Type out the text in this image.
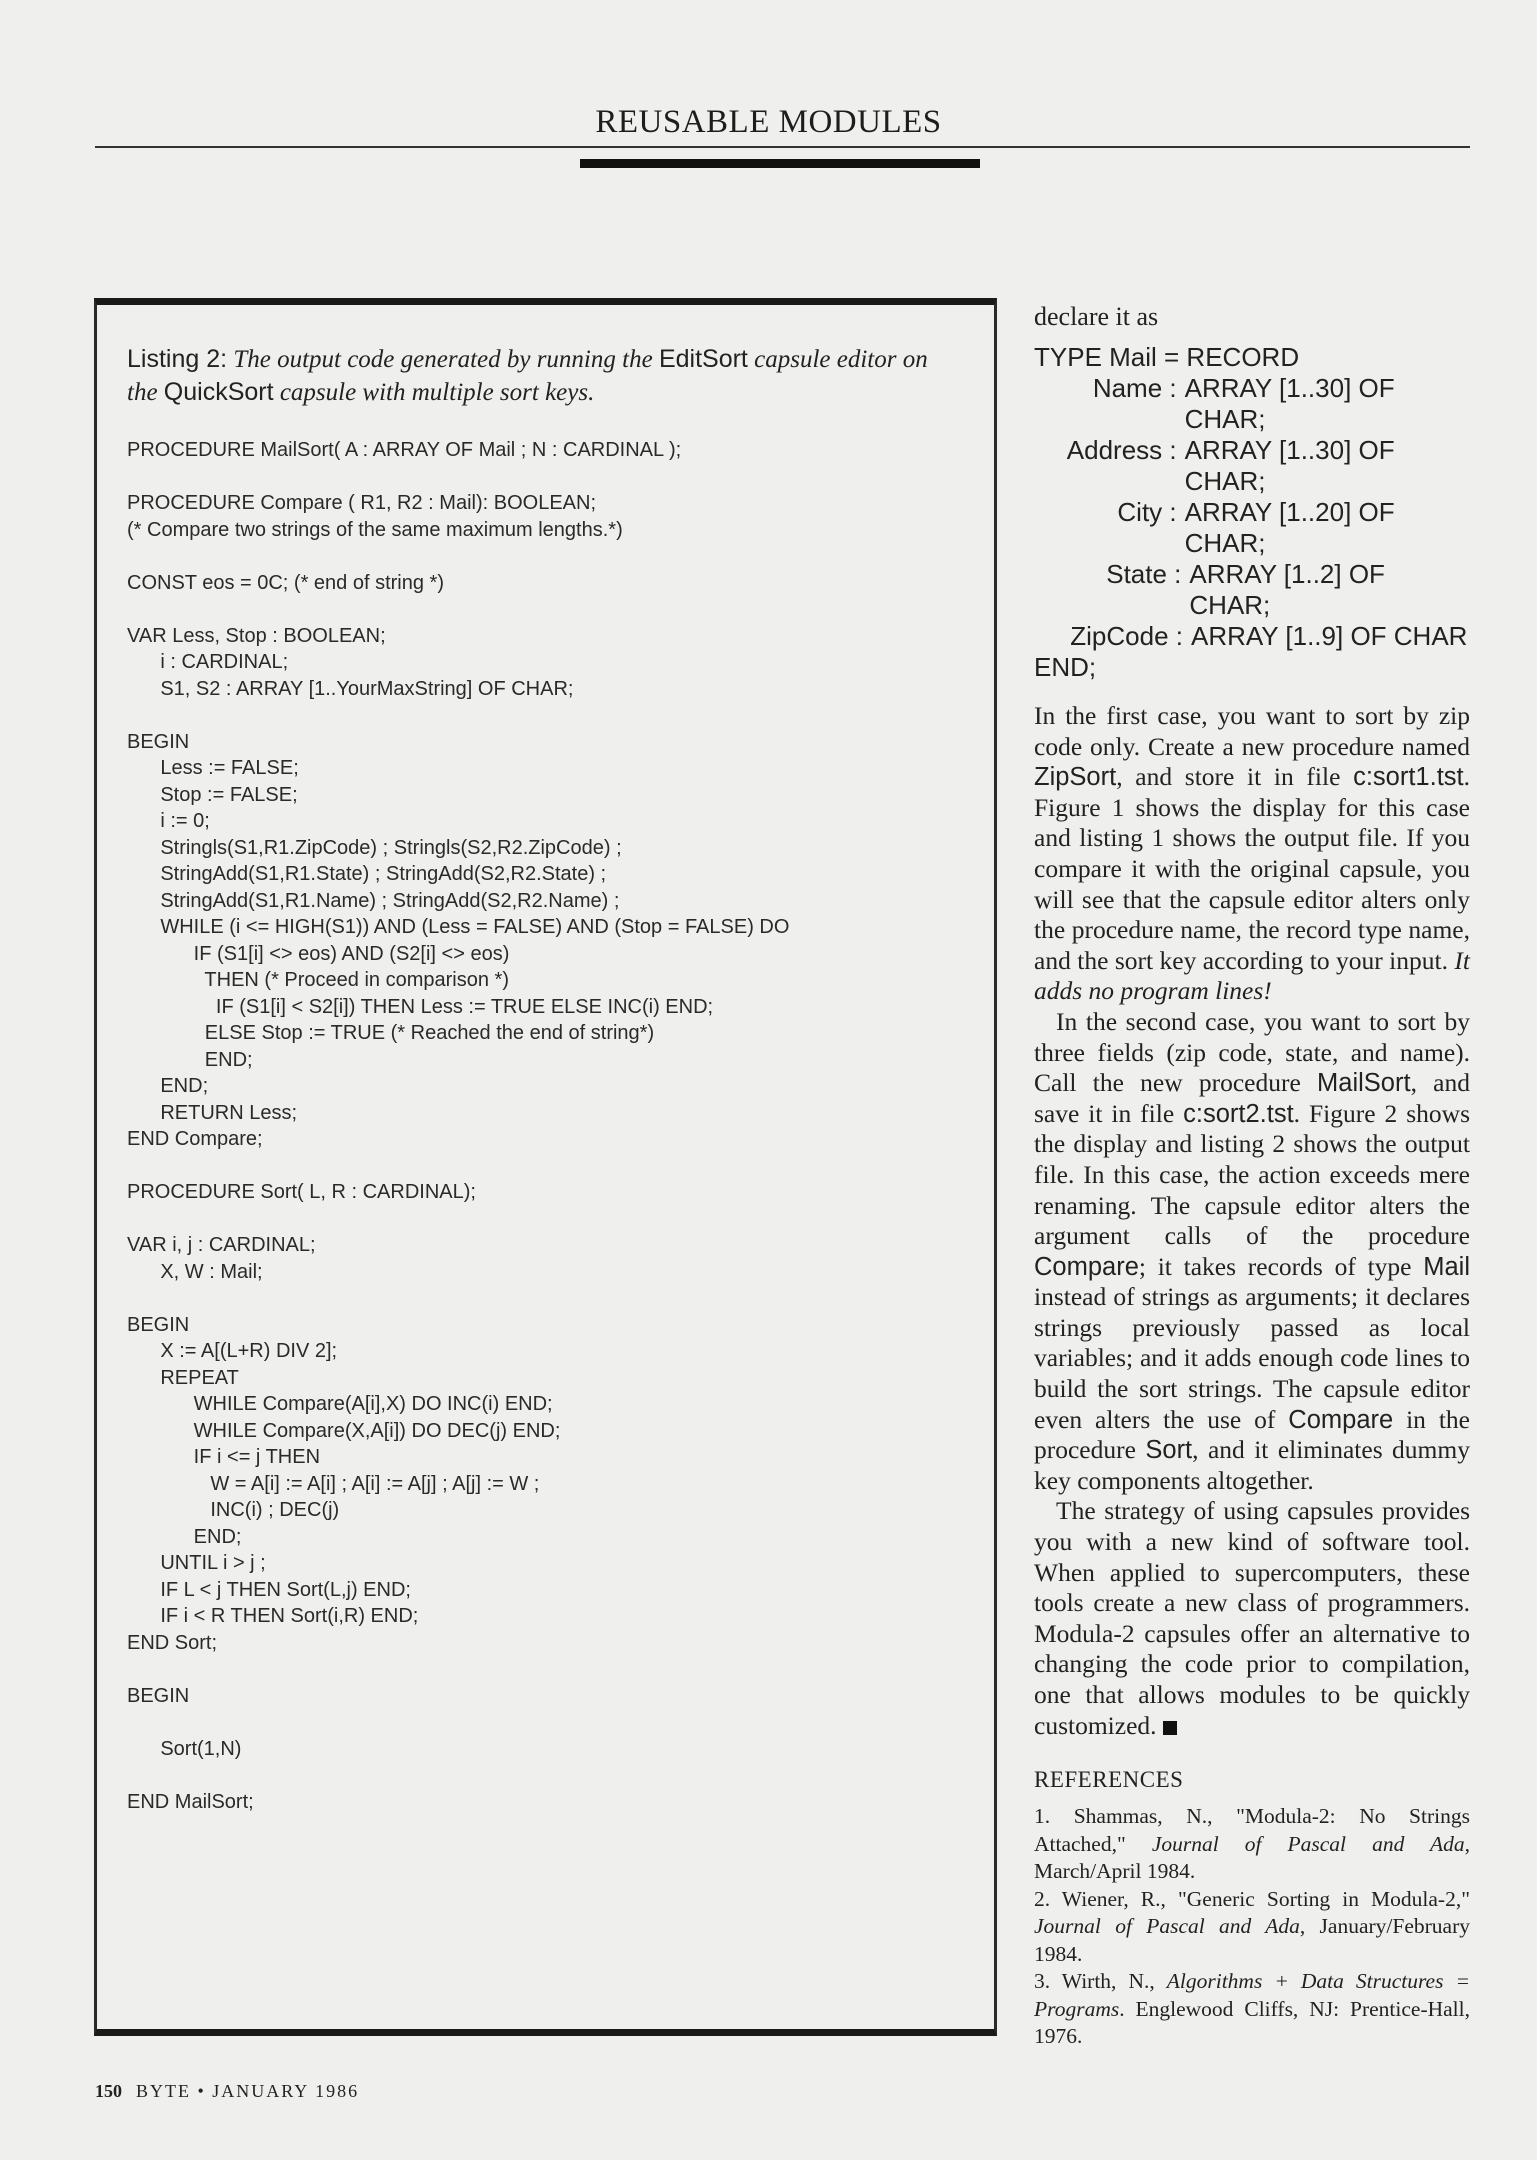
REUSABLE MODULES
Listing 2: The output code generated by running the EditSort capsule editor on the QuickSort capsule with multiple sort keys.
PROCEDURE MailSort( A : ARRAY OF Mail ; N : CARDINAL );

PROCEDURE Compare ( R1, R2 : Mail): BOOLEAN;
(* Compare two strings of the same maximum lengths.*)

CONST eos = 0C; (* end of string *)

VAR Less, Stop : BOOLEAN;
i : CARDINAL;
S1, S2 : ARRAY [1..YourMaxString] OF CHAR;

BEGIN
Less := FALSE;
Stop := FALSE;
i := 0;
Stringls(S1,R1.ZipCode) ; Stringls(S2,R2.ZipCode) ;
StringAdd(S1,R1.State) ; StringAdd(S2,R2.State) ;
StringAdd(S1,R1.Name) ; StringAdd(S2,R2.Name) ;
WHILE (i <= HIGH(S1)) AND (Less = FALSE) AND (Stop = FALSE) DO
IF (S1[i] <> eos) AND (S2[i] <> eos)
THEN (* Proceed in comparison *)
IF (S1[i] < S2[i]) THEN Less := TRUE ELSE INC(i) END;
ELSE Stop := TRUE (* Reached the end of string*)
END;
END;
RETURN Less;
END Compare;

PROCEDURE Sort( L, R : CARDINAL);

VAR i, j : CARDINAL;
X, W : Mail;

BEGIN
X := A[(L+R) DIV 2];
REPEAT
WHILE Compare(A[i],X) DO INC(i) END;
WHILE Compare(X,A[i]) DO DEC(j) END;
IF i <= j THEN
W = A[i] := A[i] ; A[i] := A[j] ; A[j] := W ;
INC(i) ; DEC(j)
END;
UNTIL i > j ;
IF L < j THEN Sort(L,j) END;
IF i < R THEN Sort(i,R) END;
END Sort;

BEGIN

Sort(1,N)

END MailSort;
declare it as
TYPE Mail = RECORD
Name : ARRAY [1..30] OF CHAR;
Address : ARRAY [1..30] OF CHAR;
City : ARRAY [1..20] OF CHAR;
State : ARRAY [1..2] OF CHAR;
ZipCode : ARRAY [1..9] OF CHAR
END;

In the first case, you want to sort by zip code only. Create a new procedure named ZipSort, and store it in file c:sort1.tst. Figure 1 shows the display for this case and listing 1 shows the output file. If you compare it with the original capsule, you will see that the capsule editor alters only the procedure name, the record type name, and the sort key according to your input. It adds no program lines!

In the second case, you want to sort by three fields (zip code, state, and name). Call the new procedure MailSort, and save it in file c:sort2.tst. Figure 2 shows the display and listing 2 shows the output file. In this case, the action exceeds mere renaming. The capsule editor alters the argument calls of the procedure Compare; it takes records of type Mail instead of strings as arguments; it declares strings previously passed as local variables; and it adds enough code lines to build the sort strings. The capsule editor even alters the use of Compare in the procedure Sort, and it eliminates dummy key components altogether.

The strategy of using capsules provides you with a new kind of software tool. When applied to supercomputers, these tools create a new class of programmers. Modula-2 capsules offer an alternative to changing the code prior to compilation, one that allows modules to be quickly customized.

REFERENCES

1. Shammas, N., "Modula-2: No Strings Attached," Journal of Pascal and Ada, March/April 1984.

2. Wiener, R., "Generic Sorting in Modula-2," Journal of Pascal and Ada, January/February 1984.

3. Wirth, N., Algorithms + Data Structures = Programs. Englewood Cliffs, NJ: Prentice-Hall, 1976.

150 BYTE • JANUARY 1986
